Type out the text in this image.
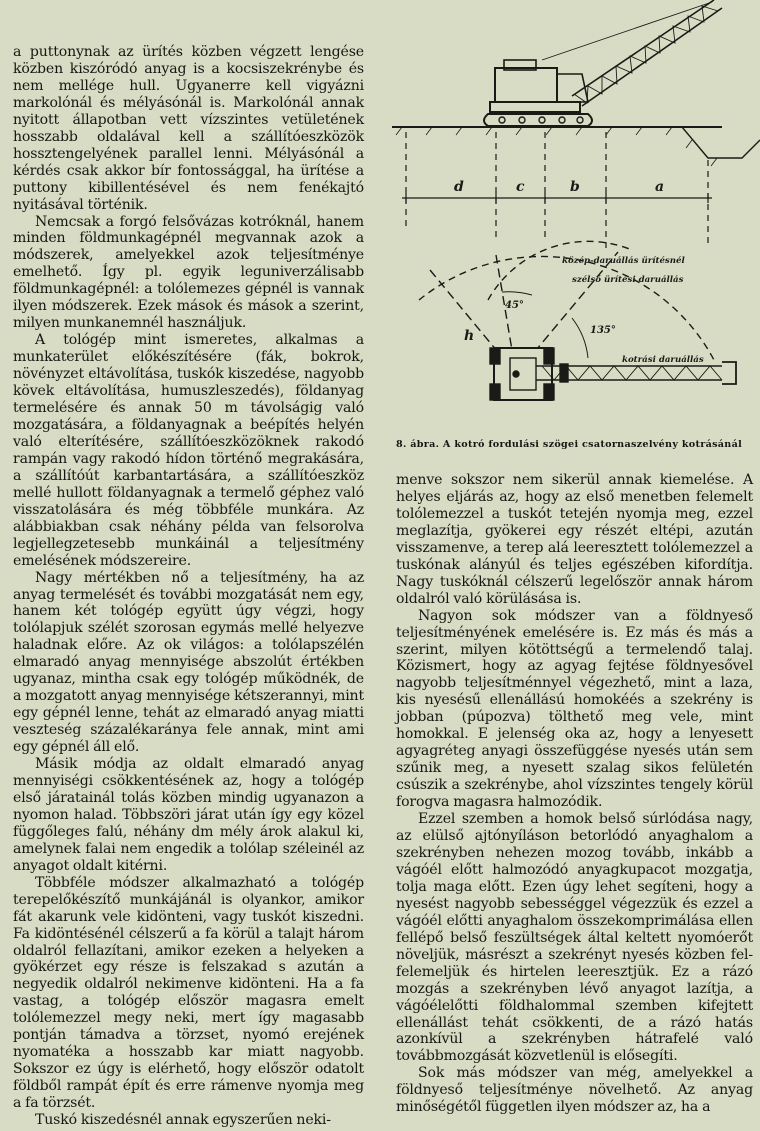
d	c	b	a
45°
135°
h
közép-daruállás ürítésnél
szélső ürítési daruállás
kotrási daruállás
8. ábra. A kotró fordulási szögei csatornaszelvény kotrásánál

a puttonynak az ürítés közben végzett lengése közben kiszóródó anyag is a kocsiszekrénybe és nem mellége hull. Ugyanerre kell vigyázni markolónál és mélyásónál is. Markolónál annak nyitott állapotban vett vízszintes vetületének hosszabb oldalával kell a szállítóeszközök hossztengelyének parallel lenni. Mélyásónál a kérdés csak akkor bír fontossággal, ha ürítése a puttony kibillentésével és nem fenékajtó nyitásával történik.

Nemcsak a forgó felsővázas kotróknál, hanem minden földmunkagépnél megvannak azok a módszerek, amelyekkel azok teljesítménye emelhető. Így pl. egyik leguniverzálisabb földmunkagépnél: a tolólemezes gépnél is vannak ilyen módszerek. Ezek mások és mások a szerint, milyen munkanemnél használjuk.

A tológép mint ismeretes, alkalmas a munkaterület előkészítésére (fák, bokrok, növényzet eltávolítása, tuskók kiszedése, nagyobb kövek eltávolítása, humuszleszedés), földanyag termelésére és annak 50 m távolságig való mozgatására, a földanyagnak a beépítés helyén való elterítésére, szállítóeszközöknek rakodó rampán vagy rakodó hídon történő megrakására, a szállítóút karbantartására, a szállítóeszköz mellé hullott földanyagnak a termelő géphez való visszatolására és még többféle munkára. Az alábbiakban csak néhány példa van felsorolva legjellegzetesebb munkáinál a teljesítmény emelésének módszereire.

Nagy mértékben nő a teljesítmény, ha az anyag termelését és további mozgatását nem egy, hanem két tológép együtt úgy végzi, hogy tolólapjuk szélét szorosan egymás mellé helyezve haladnak előre. Az ok világos: a tolólapszélén elmaradó anyag mennyisége abszolút értékben ugyanaz, mintha csak egy tológép működnék, de a mozgatott anyag mennyisége kétszerannyi, mint egy gépnél lenne, tehát az elmaradó anyag miatti veszteség százalékaránya fele annak, mint ami egy gépnél áll elő.

Másik módja az oldalt elmaradó anyag mennyiségi csökkentésének az, hogy a tológép első járatainál tolás közben mindig ugyanazon a nyomon halad. Többszöri járat után így egy közel függőleges falú, néhány dm mély árok alakul ki, amelynek falai nem engedik a tolólap széleinél az anyagot oldalt kitérni.

Többféle módszer alkalmazható a tológép terepelőkészítő munkájánál is olyankor, amikor fát akarunk vele kidönteni, vagy tuskót kiszedni. Fa kidöntésénél célszerű a fa körül a talajt három oldalról fellazítani, amikor ezeken a helyeken a gyökérzet egy része is felszakad s azután a negyedik oldalról nekimenve kidönteni. Ha a fa vastag, a tológép először magasra emelt tolólemezzel megy neki, mert így magasabb pontján támadva a törzset, nyomó erejének nyomatéka a hosszabb kar miatt nagyobb. Sokszor ez úgy is elérhető, hogy először odatolt földből rampát épít és erre rámenve nyomja meg a fa törzsét.

Tuskó kiszedésnél annak egyszerűen neki-

menve sokszor nem sikerül annak kiemelése. A helyes eljárás az, hogy az első menetben felemelt tolólemezzel a tuskót tetején nyomja meg, ezzel meglazítja, gyökerei egy részét eltépi, azután visszamenve, a terep alá leeresztett tolólemezzel a tuskónak alányúl és teljes egészében kifordítja. Nagy tuskóknál célszerű legelőször annak három oldalról való körülásása is.

Nagyon sok módszer van a földnyeső teljesítményének emelésére is. Ez más és más a szerint, milyen kötöttségű a termelendő talaj. Közismert, hogy az agyag fejtése földnyesővel nagyobb teljesítménnyel végezhető, mint a laza, kis nyesésű ellenállású homokéés a szekrény is jobban (púpozva) tölthető meg vele, mint homokkal. E jelenség oka az, hogy a lenyesett agyagréteg anyagi összefüggése nyesés után sem szűnik meg, a nyesett szalag sikos felületén csúszik a szekrénybe, ahol vízszintes tengely körül forogva magasra halmozódik.

Ezzel szemben a homok belső súrlódása nagy, az elülső ajtónyíláson betorlódó anyaghalom a szekrényben nehezen mozog tovább, inkább a vágóél előtt halmozódó anyagkupacot mozgatja, tolja maga előtt. Ezen úgy lehet segíteni, hogy a nyesést nagyobb sebességgel végezzük és ezzel a vágóél előtti anyaghalom összekomprimálása ellen fellépő belső feszültségek által keltett nyomóerőt növeljük, másrészt a szekrényt nyesés közben fel-felemeljük és hirtelen leeresztjük. Ez a rázó mozgás a szekrényben lévő anyagot lazítja, a vágóélelőtti földhalommal szemben kifejtett ellenállást tehát csökkenti, de a rázó hatás azonkívül a szekrényben hátrafelé való továbbmozgását közvetlenül is elősegíti.

Sok más módszer van még, amelyekkel a földnyeső teljesítménye növelhető. Az anyag minőségétől független ilyen módszer az, ha a
